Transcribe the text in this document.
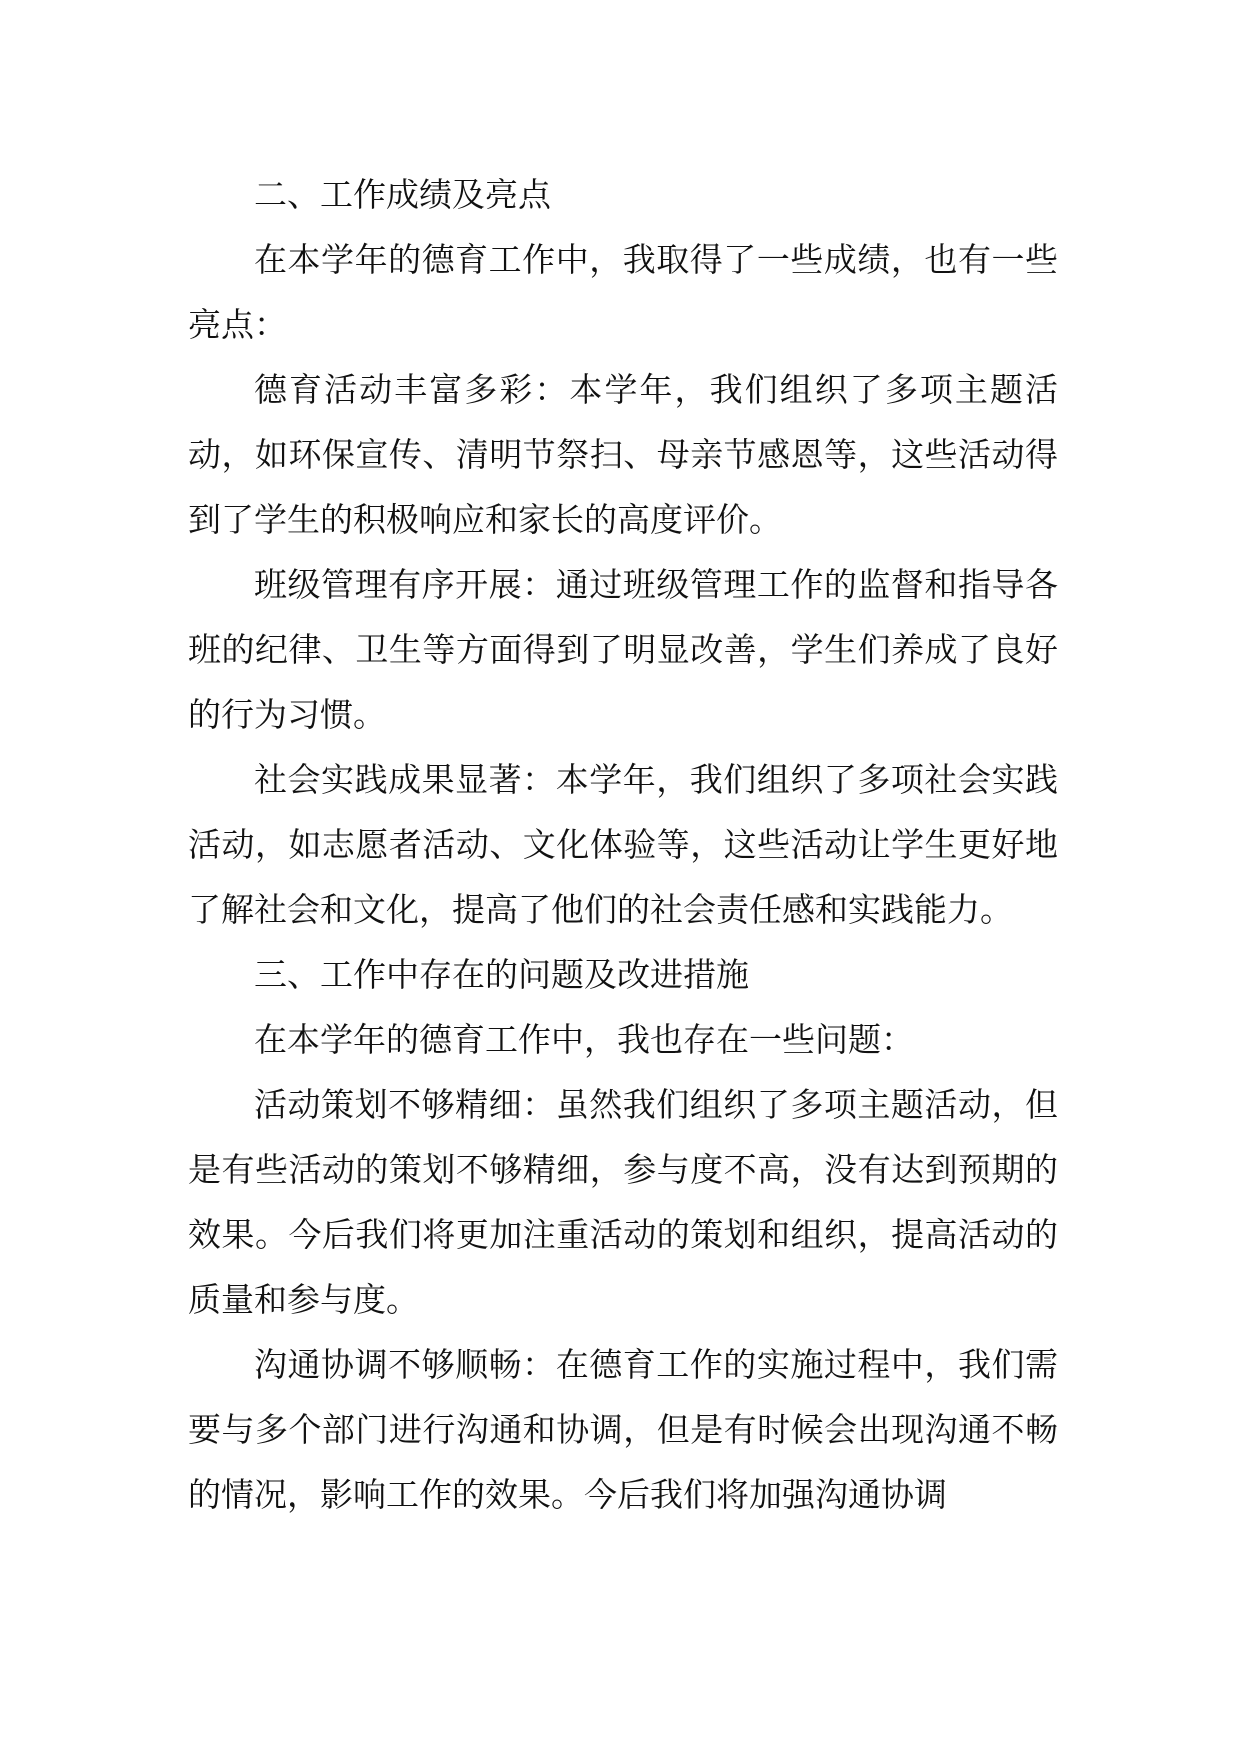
二、工作成绩及亮点

在本学年的德育工作中，我取得了一些成绩，也有一些亮点：

德育活动丰富多彩：本学年，我们组织了多项主题活动，如环保宣传、清明节祭扫、母亲节感恩等，这些活动得到了学生的积极响应和家长的高度评价。

班级管理有序开展：通过班级管理工作的监督和指导各班的纪律、卫生等方面得到了明显改善，学生们养成了良好的行为习惯。

社会实践成果显著：本学年，我们组织了多项社会实践活动，如志愿者活动、文化体验等，这些活动让学生更好地了解社会和文化，提高了他们的社会责任感和实践能力。

三、工作中存在的问题及改进措施

在本学年的德育工作中，我也存在一些问题：

活动策划不够精细：虽然我们组织了多项主题活动，但是有些活动的策划不够精细，参与度不高，没有达到预期的效果。今后我们将更加注重活动的策划和组织，提高活动的质量和参与度。

沟通协调不够顺畅：在德育工作的实施过程中，我们需要与多个部门进行沟通和协调，但是有时候会出现沟通不畅的情况，影响工作的效果。今后我们将加强沟通协调
